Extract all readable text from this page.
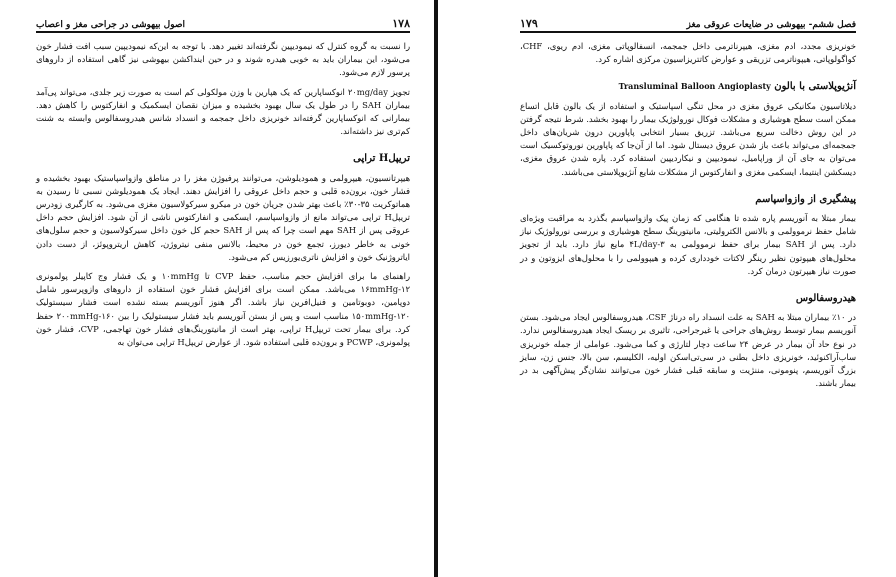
۱۷۸
اصول بیهوشی در جراحی مغز و اعصاب

را نسبت به گروه کنترل که نیمودیپین نگرفته‌اند تغییر دهد. با توجه به این‌که نیمودیپین سبب افت فشار خون می‌شود، این بیماران باید به خوبی هیدره شوند و در حین اینداکشن بیهوشی نیز گاهی استفاده از داروهای پرسور لازم می‌شود.

تجویز ۲۰mg/day انوکساپارین که یک هپارین با وزن مولکولی کم است به صورت زیر جلدی، می‌تواند پی‌آمد بیماران SAH را در طول یک سال بهبود بخشیده و میزان نقصان ایسکمیک و انفارکتوس را کاهش دهد. بیمارانی که انوکساپارین گرفته‌اند خونریزی داخل جمجمه و انسداد شانس هیدروسفالوس وابسته به شنت کم‌تری نیز داشته‌اند.

تریپلH تراپی

هیپرتانسیون، هیپرولمی و همودیلوشن، می‌توانند پرفیوژن مغز را در مناطق وازواسپاستیک بهبود بخشیده و فشار خون، برون‌ده قلبی و حجم داخل عروقی را افزایش دهند. ایجاد یک همودیلوشن نسبی تا رسیدن به هماتوکریت ۳۵-۳۰٪ باعث بهتر شدن جریان خون در میکرو سیرکولاسیون مغزی می‌شود. به کارگیری زودرس تریپلH تراپی می‌تواند مانع از وازواسپاسم، ایسکمی و انفارکتوس ناشی از آن شود. افزایش حجم داخل عروقی پس از SAH مهم است چرا که پس از SAH حجم کل خون داخل سیرکولاسیون و حجم سلول‌های خونی به خاطر دیورز، تجمع خون در محیط، بالانس منفی نیتروژن، کاهش اریتروپوئز، از دست دادن ایاتروژنیک خون و افزایش ناتری‌یورزیس کم می‌شود.

راهنمای ما برای افزایش حجم مناسب، حفظ CVP تا ۱۰mmHg و یک فشار وج کاپیلر پولمونری ۱۶mmHg-۱۲ می‌باشد. ممکن است برای افزایش فشار خون استفاده از داروهای وازوپرسور شامل دوپامین، دوبوتامین و فنیل‌افرین نیاز باشد. اگر هنوز آنوریسم بسته نشده است فشار سیستولیک ۱۵۰mmHg-۱۲۰ مناسب است و پس از بستن آنوریسم باید فشار سیستولیک را بین ۲۰۰mmHg-۱۶۰ حفظ کرد. برای بیمار تحت تریپلH تراپی، بهتر است از مانیتورینگ‌های فشار خون تهاجمی، CVP، فشار خون پولمونری، PCWP و برون‌ده قلبی استفاده شود. از عوارض تریپلH تراپی می‌توان به

فصل ششم- بیهوشی در ضایعات عروقی مغز
۱۷۹

خونریزی مجدد، ادم مغزی، هیپرناترمی داخل جمجمه، انسفالوپاتی مغزی، ادم ریوی، CHF، کواگولوپاتی، هیپوناترمی تزریقی و عوارض کاتتریزاسیون مرکزی اشاره کرد.

آنژیوپلاستی با بالون Transluminal Balloon Angioplasty

دیلاتاسیون مکانیکی عروق مغزی در محل تنگی اسپاستیک و استفاده از یک بالون قابل اتساع ممکن است سطح هوشیاری و مشکلات فوکال نورولوژیک بیمار را بهبود بخشد. شرط نتیجه گرفتن در این روش دخالت سریع می‌باشد. تزریق بسیار انتخابی پاپاورین درون شریان‌های داخل جمجمه‌ای می‌تواند باعث باز شدن عروق دیستال شود. اما از آن‌جا که پاپاورین نوروتوکسیک است می‌توان به جای آن از وراپامیل، نیمودیپین و نیکاردیپین استفاده کرد. پاره شدن عروق مغزی، دیسکشن اینتیما، ایسکمی مغزی و انفارکتوس از مشکلات شایع آنژیوپلاستی می‌باشند.

پیشگیری از وازواسپاسم

بیمار مبتلا به آنوریسم پاره شده تا هنگامی که زمان پیک وازواسپاسم بگذرد به مراقبت ویژه‌ای شامل حفظ نرموولمی و بالانس الکترولیتی، مانیتورینگ سطح هوشیاری و بررسی نورولوژیک نیاز دارد. پس از SAH بیمار برای حفظ نرموولمی به ۴L/day-۳ مایع نیاز دارد. باید از تجویز محلول‌های هیپوتون نظیر رینگر لاکتات خودداری کرده و هیپوولمی را با محلول‌های ایزوتون و در صورت نیاز هیپرتون درمان کرد.

هیدروسفالوس

در ۱۰٪ بیماران مبتلا به SAH به علت انسداد راه درناژ CSF، هیدروسفالوس ایجاد می‌شود. بستن آنوریسم بیمار توسط روش‌های جراحی یا غیرجراحی، تاثیری بر ریسک ایجاد هیدروسفالوس ندارد. در نوع حاد آن بیمار در عرض ۲۴ ساعت دچار لتارژی و کما می‌شود. عواملی از جمله خونریزی ساب‌آراکنوئید، خونریزی داخل بطنی در سی‌تی‌اسکن اولیه، الکلیسم، سن بالا، جنس زن، سایز بزرگ آنوریسم، پنومونی، مننژیت و سابقه قبلی فشار خون می‌توانند نشان‌گر پیش‌آگهی بد در بیمار باشند.
